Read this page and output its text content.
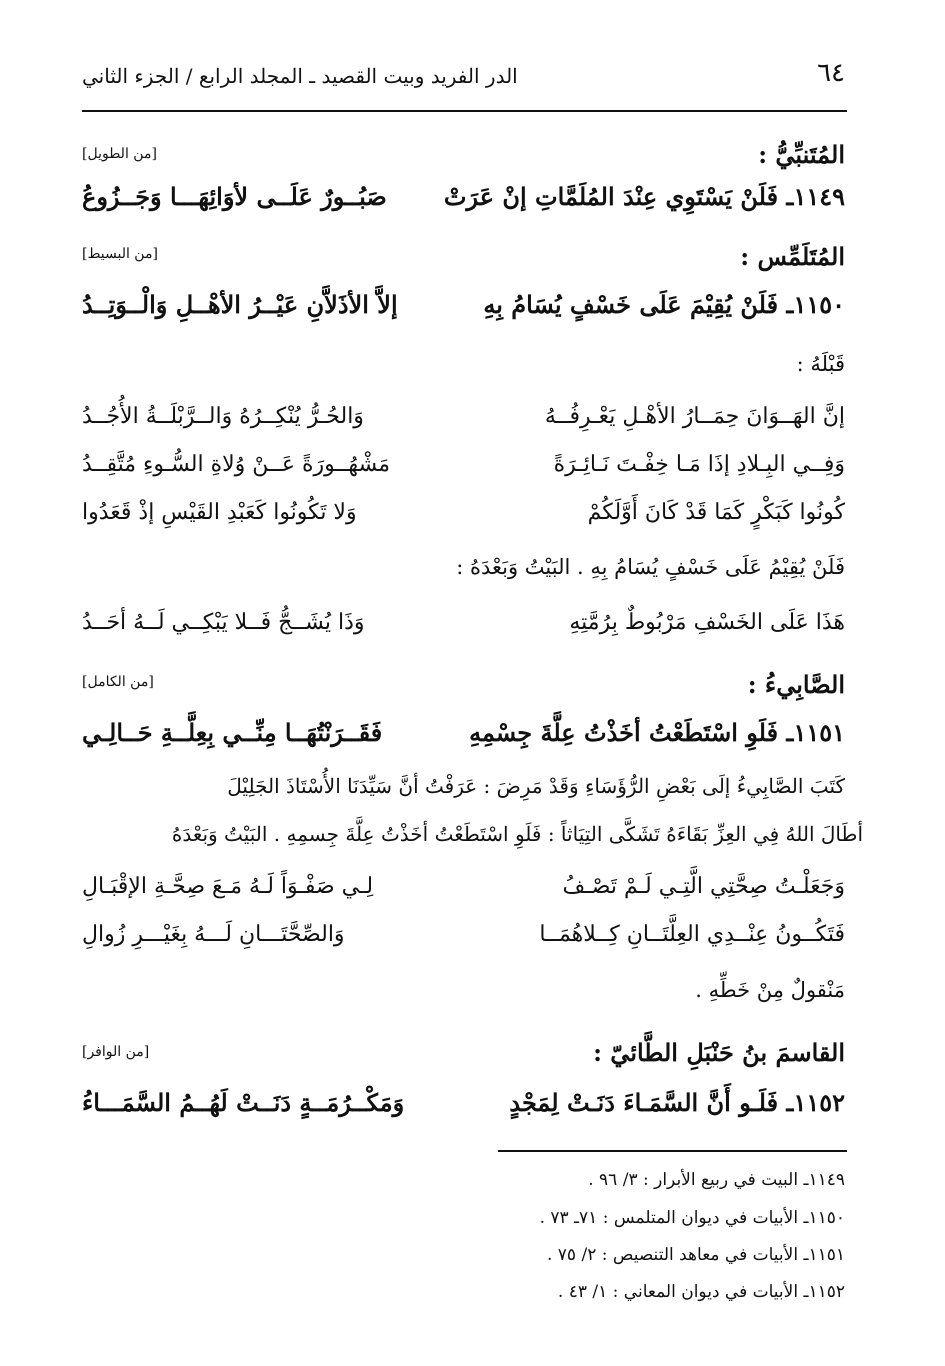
٦٤
الدر الفريد وبيت القصيد ـ المجلد الرابع / الجزء الثاني
المُتَنبِّيُّ :
[من الطويل]
١١٤٩ـ فَلَنْ يَسْتَوِي عِنْدَ المُلَمَّاتِ إنْ عَرَتْ
صَبُــورٌ عَلَــى لأوَائِهَـــا وَجَــزُوعُ
المُتَلَمِّس :
[من البسيط]
١١٥٠ـ فَلَنْ يُقِيْمَ عَلَى خَسْفٍ يُسَامُ بِهِ
إلاَّ الأذَلاَّنِ عَيْــرُ الأهْــلِ وَالْــوَتِــدُ
قَبْلَهُ :
إنَّ الهَــوَانَ حِمَــارُ الأهْـلِ يَعْـرِفُــهُ
وَالحُـرُّ يُنْكِــرُهُ وَالــرَّبْلَــةُ الأُجُــدُ
وَفِــي البِـلادِ إذَا مَـا خِفْـتَ نَـائِـرَةً
مَشْهُــورَةً عَــنْ وُلاةِ السُّـوءِ مُتَّقِــدُ
كُونُوا كَبَكْرٍ كَمَا قَدْ كَانَ أَوَّلَكُمْ
وَلا تَكُونُوا كَعَبْدِ القَيْسِ إذْ قَعَدُوا
فَلَنْ يُقِيْمُ عَلَى خَسْفٍ يُسَامُ بِهِ . البَيْتُ وَبَعْدَهُ :
هَذَا عَلَى الخَسْفِ مَرْبُوطٌ بِرُمَّتِهِ
وَذَا يُشَــجُّ فَــلا يَبْكِــي لَــهُ أحَــدُ
الصَّابِيءُ :
[من الكامل]
١١٥١ـ فَلَوِ اسْتَطَعْتُ أخَذْتُ عِلَّةَ جِسْمِهِ
فَقَــرَنْتُهَــا مِنِّــي بِعِلَّــةِ حَــالِـي
كَتَبَ الصَّابِيءُ إلَى بَعْضِ الرُّؤَسَاءِ وَقَدْ مَرِضَ : عَرَفْتُ أنَّ سَيِّدَنَا الأُسْتَاذَ الجَلِيْلَ
أطَالَ اللهُ فِي العِزِّ بَقَاءَهُ تَشَكَّى التِيَاثاً : فَلَوِ اسْتَطَعْتُ أخَذْتُ عِلَّةَ جِسمِهِ . البَيْتُ وَبَعْدَهُ
وَجَعَلْـتُ صِحَّتِي الَّتِـي لَـمْ تَصْـفُ
لِـي صَفْـوَاً لَـهُ مَـعَ صِحَّـةِ الإقْبَـالِ
فَتَكُــونُ عِنْــدِي العِلَّتَــانِ كِــلاهُمَــا
وَالصِّحَّتَـــانِ لَـــهُ بِغَيْـــرِ زُوالِ
مَنْقولٌ مِنْ خَطِّهِ .
القاسمَ بنُ حَنْبَلِ الطَّائيّ :
[من الوافر]
١١٥٢ـ فَلَـو أَنَّ السَّمَـاءَ دَنَـتْ لِمَجْدٍ
وَمَكْــرُمَــةٍ دَنَــتْ لَهُــمُ السَّمَـــاءُ
١١٤٩ـ البيت في ربيع الأبرار : ٣/ ٩٦ .
١١٥٠ـ الأبيات في ديوان المتلمس : ٧١ـ ٧٣ .
١١٥١ـ الأبيات في معاهد التنصيص : ٢/ ٧٥ .
١١٥٢ـ الأبيات في ديوان المعاني : ١/ ٤٣ .
